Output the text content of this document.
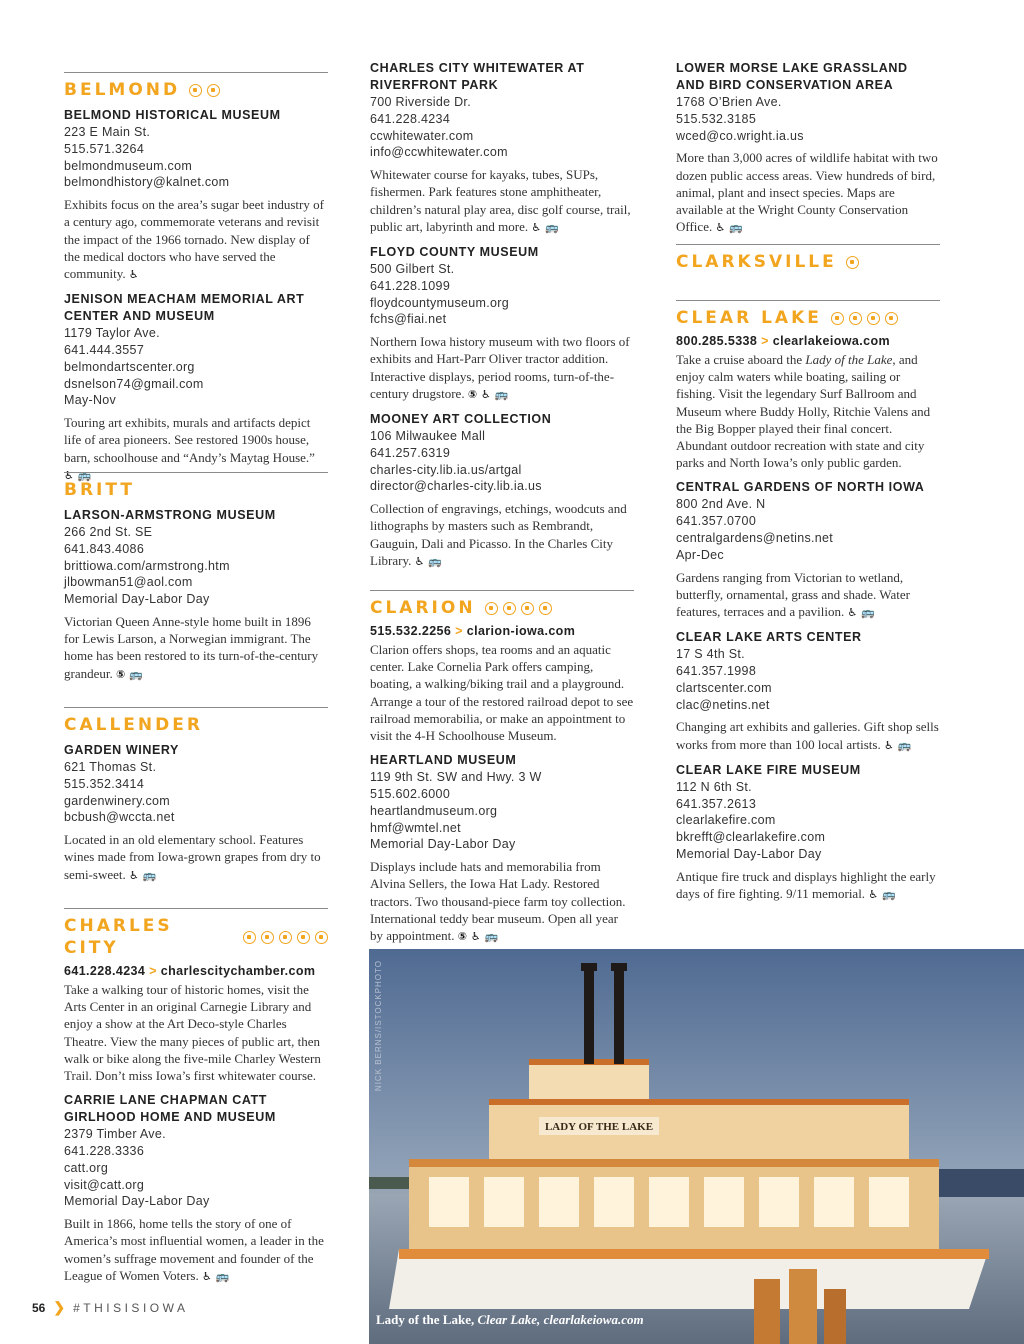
BELMOND
BELMOND HISTORICAL MUSEUM
223 E Main St.
515.571.3264
belmondmuseum.com
belmondhistory@kalnet.com
Exhibits focus on the area’s sugar beet industry of a century ago, commemorate veterans and revisit the impact of the 1966 tornado. New display of the medical doctors who have served the community. ♿
JENISON MEACHAM MEMORIAL ART CENTER AND MUSEUM
1179 Taylor Ave.
641.444.3557
belmondartscenter.org
dsnelson74@gmail.com
May-Nov
Touring art exhibits, murals and artifacts depict life of area pioneers. See restored 1900s house, barn, schoolhouse and “Andy’s Maytag House.” ♿ 🚌
BRITT
LARSON-ARMSTRONG MUSEUM
266 2nd St. SE
641.843.4086
brittiowa.com/armstrong.htm
jlbowman51@aol.com
Memorial Day-Labor Day
Victorian Queen Anne-style home built in 1896 for Lewis Larson, a Norwegian immigrant. The home has been restored to its turn-of-the-century grandeur. ⑤ 🚌
CALLENDER
GARDEN WINERY
621 Thomas St.
515.352.3414
gardenwinery.com
bcbush@wccta.net
Located in an old elementary school. Features wines made from Iowa-grown grapes from dry to semi-sweet. ♿ 🚌
CHARLES CITY
641.228.4234 > charlescitychamber.com
Take a walking tour of historic homes, visit the Arts Center in an original Carnegie Library and enjoy a show at the Art Deco-style Charles Theatre. View the many pieces of public art, then walk or bike along the five-mile Charley Western Trail. Don’t miss Iowa’s first whitewater course.
CARRIE LANE CHAPMAN CATT GIRLHOOD HOME AND MUSEUM
2379 Timber Ave.
641.228.3336
catt.org
visit@catt.org
Memorial Day-Labor Day
Built in 1866, home tells the story of one of America’s most influential women, a leader in the women’s suffrage movement and founder of the League of Women Voters. ♿ 🚌
CHARLES CITY WHITEWATER AT RIVERFRONT PARK
700 Riverside Dr.
641.228.4234
ccwhitewater.com
info@ccwhitewater.com
Whitewater course for kayaks, tubes, SUPs, fishermen. Park features stone amphitheater, children’s natural play area, disc golf course, trail, public art, labyrinth and more. ♿ 🚌
FLOYD COUNTY MUSEUM
500 Gilbert St.
641.228.1099
floydcountymuseum.org
fchs@fiai.net
Northern Iowa history museum with two floors of exhibits and Hart-Parr Oliver tractor addition. Interactive displays, period rooms, turn-of-the-century drugstore. ⑤ ♿ 🚌
MOONEY ART COLLECTION
106 Milwaukee Mall
641.257.6319
charles-city.lib.ia.us/artgal
director@charles-city.lib.ia.us
Collection of engravings, etchings, woodcuts and lithographs by masters such as Rembrandt, Gauguin, Dali and Picasso. In the Charles City Library. ♿ 🚌
CLARION
515.532.2256 > clarion-iowa.com
Clarion offers shops, tea rooms and an aquatic center. Lake Cornelia Park offers camping, boating, a walking/biking trail and a playground. Arrange a tour of the restored railroad depot to see railroad memorabilia, or make an appointment to visit the 4-H Schoolhouse Museum.
HEARTLAND MUSEUM
119 9th St. SW and Hwy. 3 W
515.602.6000
heartlandmuseum.org
hmf@wmtel.net
Memorial Day-Labor Day
Displays include hats and memorabilia from Alvina Sellers, the Iowa Hat Lady. Restored tractors. Two thousand-piece farm toy collection. International teddy bear museum. Open all year by appointment. ⑤ ♿ 🚌
LOWER MORSE LAKE GRASSLAND AND BIRD CONSERVATION AREA
1768 O’Brien Ave.
515.532.3185
wced@co.wright.ia.us
More than 3,000 acres of wildlife habitat with two dozen public access areas. View hundreds of bird, animal, plant and insect species. Maps are available at the Wright County Conservation Office. ♿ 🚌
CLARKSVILLE
CLEAR LAKE
800.285.5338 > clearlakeiowa.com
Take a cruise aboard the Lady of the Lake, and enjoy calm waters while boating, sailing or fishing. Visit the legendary Surf Ballroom and Museum where Buddy Holly, Ritchie Valens and the Big Bopper played their final concert. Abundant outdoor recreation with state and city parks and North Iowa’s only public garden.
CENTRAL GARDENS OF NORTH IOWA
800 2nd Ave. N
641.357.0700
centralgardens@netins.net
Apr-Dec
Gardens ranging from Victorian to wetland, butterfly, ornamental, grass and shade. Water features, terraces and a pavilion. ♿ 🚌
CLEAR LAKE ARTS CENTER
17 S 4th St.
641.357.1998
clartscenter.com
clac@netins.net
Changing art exhibits and galleries. Gift shop sells works from more than 100 local artists. ♿ 🚌
CLEAR LAKE FIRE MUSEUM
112 N 6th St.
641.357.2613
clearlakefire.com
bkrefft@clearlakefire.com
Memorial Day-Labor Day
Antique fire truck and displays highlight the early days of fire fighting. 9/11 memorial. ♿ 🚌
LADY OF THE LAKE
NICK BERNS/ISTOCKPHOTO
Lady of the Lake, Clear Lake, clearlakeiowa.com
56 ❯ #THISISIOWA
